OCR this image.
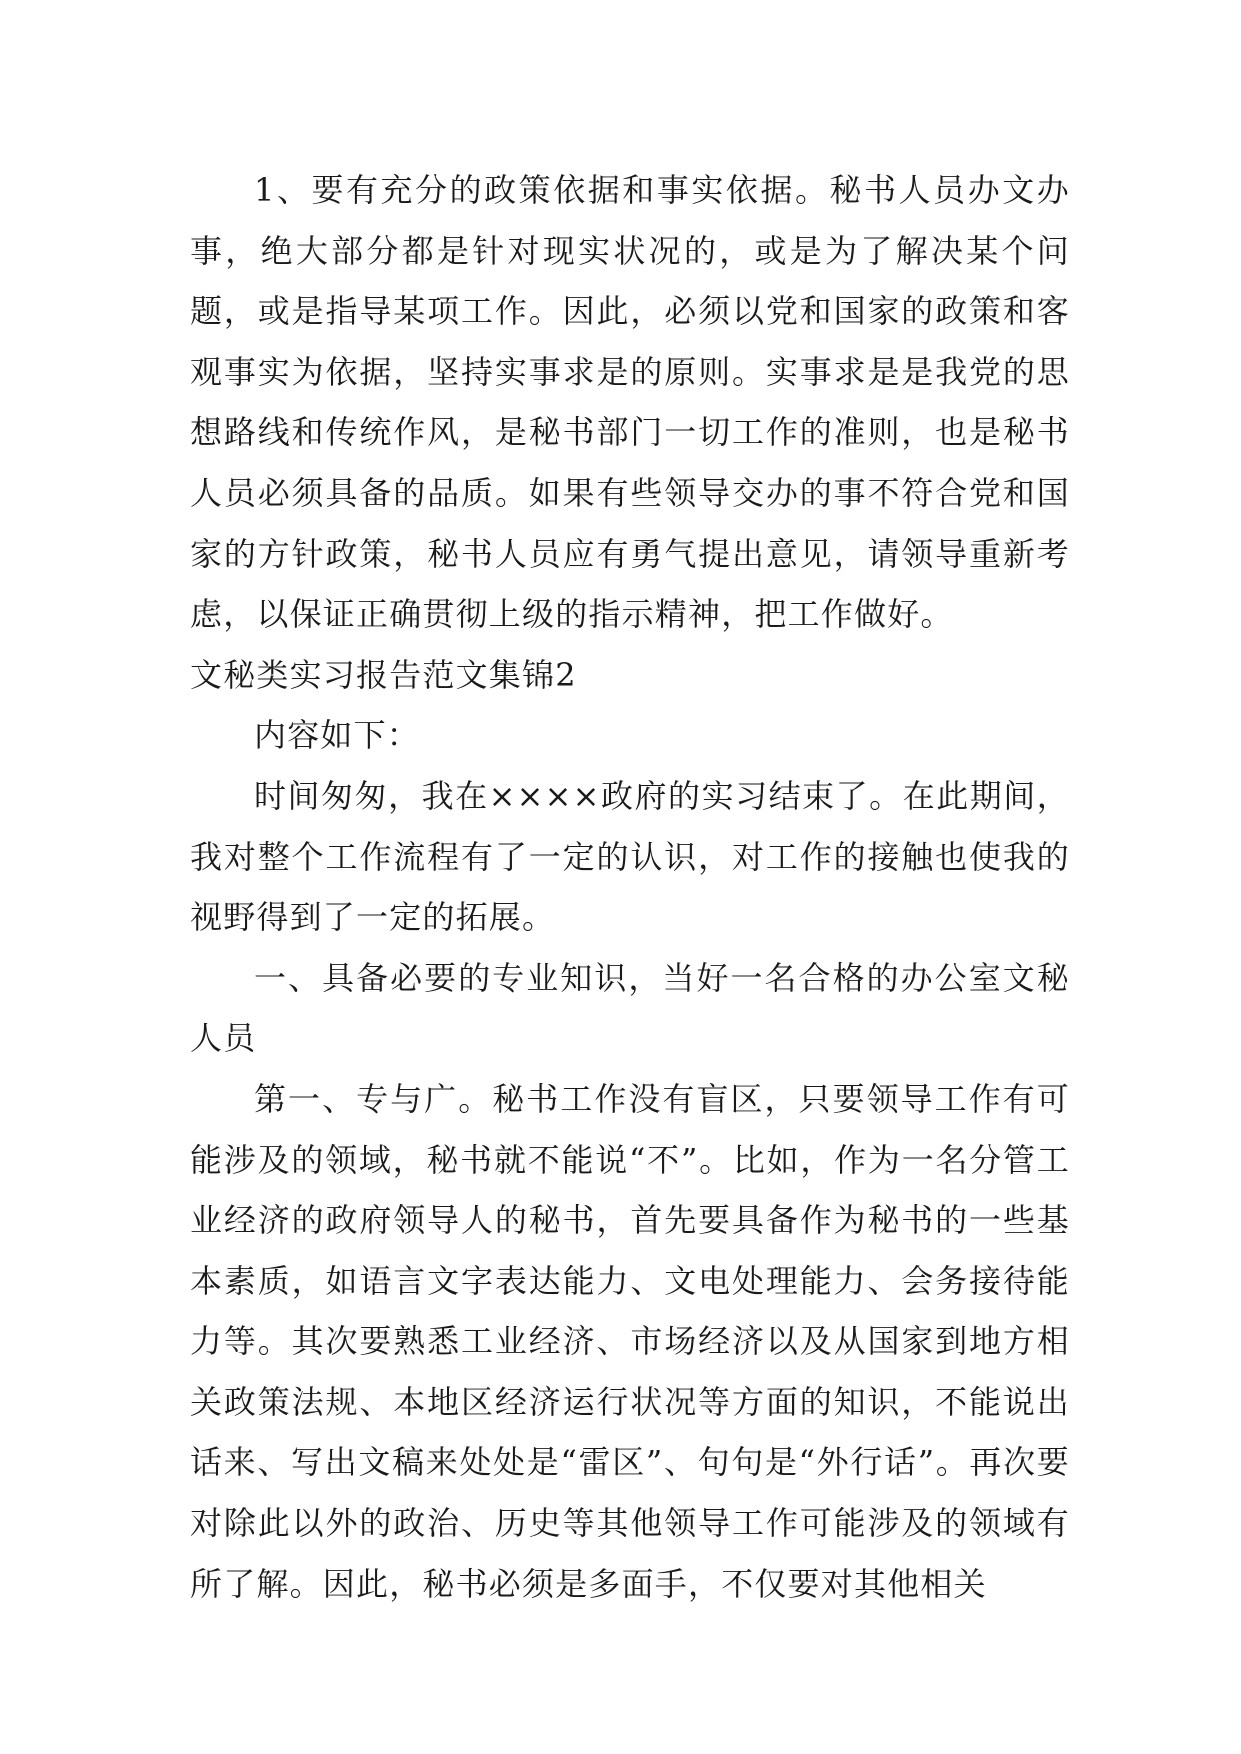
1、要有充分的政策依据和事实依据。秘书人员办文办事，绝大部分都是针对现实状况的，或是为了解决某个问题，或是指导某项工作。因此，必须以党和国家的政策和客观事实为依据，坚持实事求是的原则。实事求是是我党的思想路线和传统作风，是秘书部门一切工作的准则，也是秘书人员必须具备的品质。如果有些领导交办的事不符合党和国家的方针政策，秘书人员应有勇气提出意见，请领导重新考虑，以保证正确贯彻上级的指示精神，把工作做好。

文秘类实习报告范文集锦2

内容如下：

时间匆匆，我在××××政府的实习结束了。在此期间，我对整个工作流程有了一定的认识，对工作的接触也使我的视野得到了一定的拓展。

一、具备必要的专业知识，当好一名合格的办公室文秘人员

第一、专与广。秘书工作没有盲区，只要领导工作有可能涉及的领域，秘书就不能说“不”。比如，作为一名分管工业经济的政府领导人的秘书，首先要具备作为秘书的一些基本素质，如语言文字表达能力、文电处理能力、会务接待能力等。其次要熟悉工业经济、市场经济以及从国家到地方相关政策法规、本地区经济运行状况等方面的知识，不能说出话来、写出文稿来处处是“雷区”、句句是“外行话”。再次要对除此以外的政治、历史等其他领导工作可能涉及的领域有所了解。因此，秘书必须是多面手，不仅要对其他相关
